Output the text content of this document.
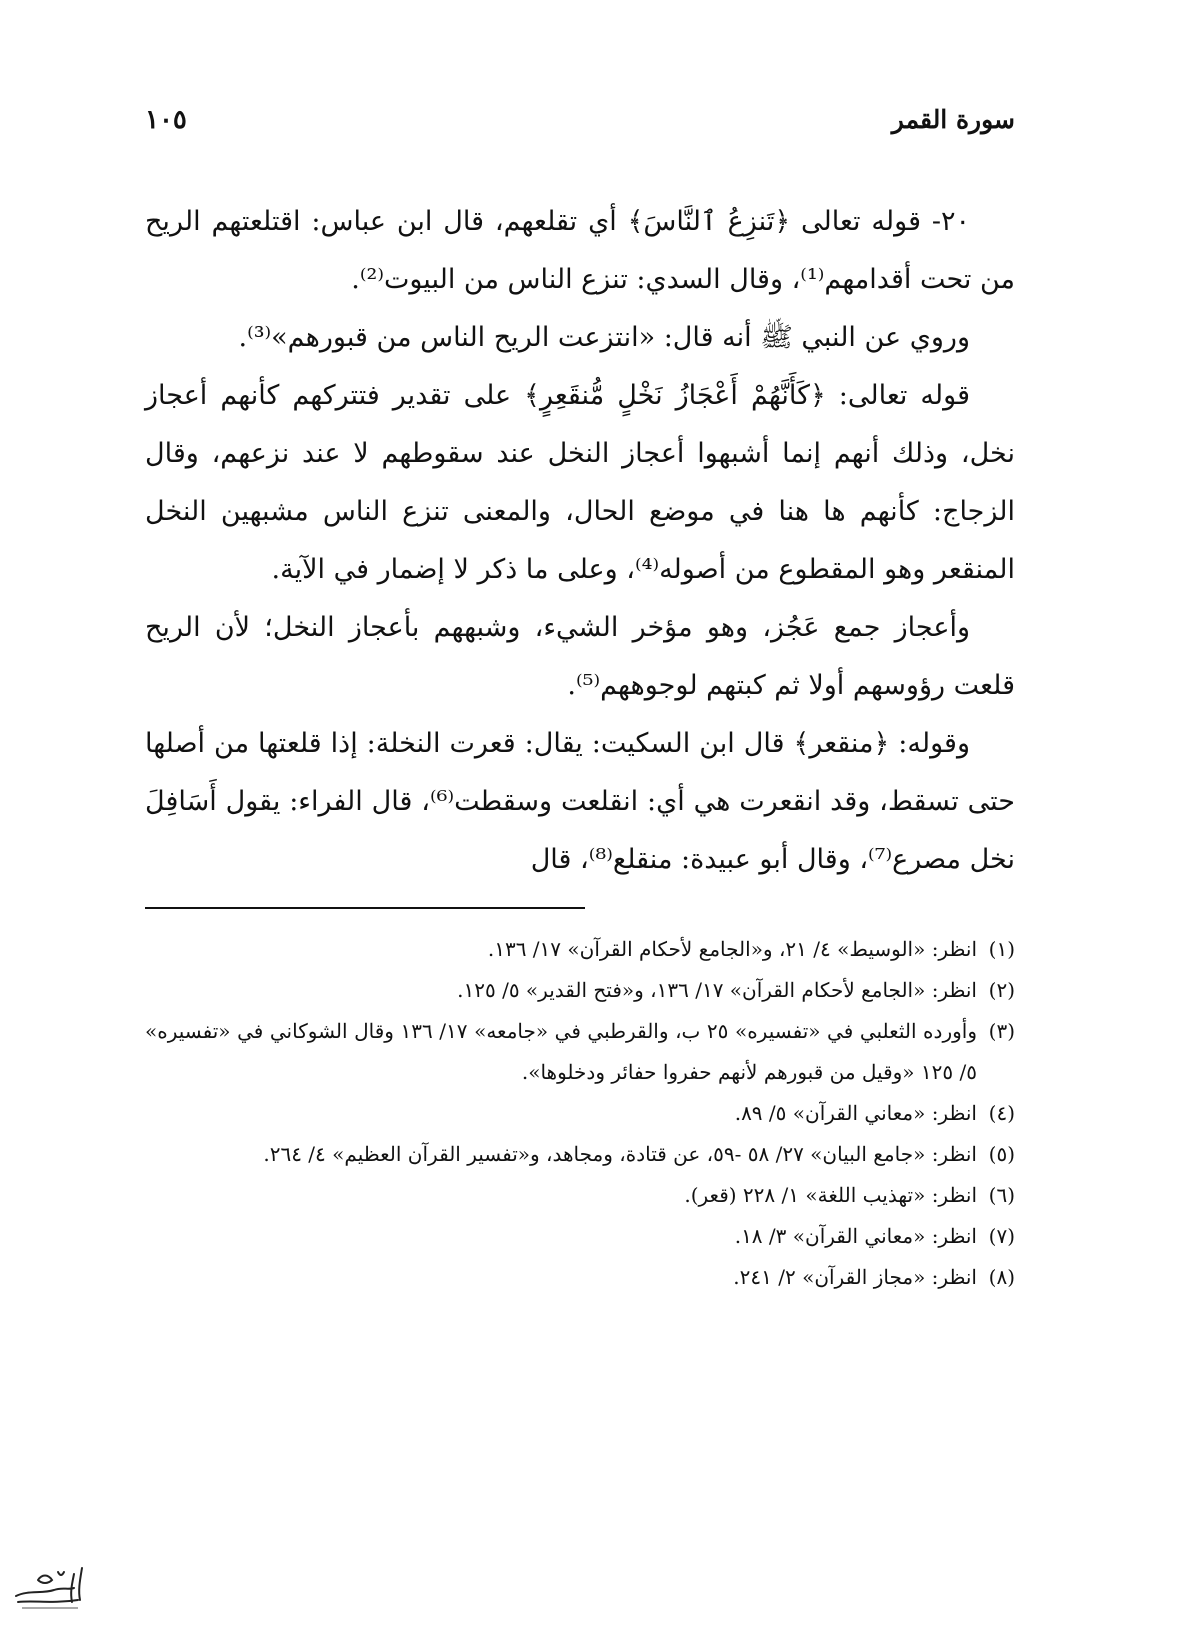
سورة القمر
١٠٥

٢٠- قوله تعالى ﴿تَنزِعُ ٱلنَّاسَ﴾ أي تقلعهم، قال ابن عباس: اقتلعتهم الريح من تحت أقدامهم⁽¹⁾، وقال السدي: تنزع الناس من البيوت⁽²⁾.

وروي عن النبي ﷺ أنه قال: «انتزعت الريح الناس من قبورهم»⁽³⁾.

قوله تعالى: ﴿كَأَنَّهُمْ أَعْجَازُ نَخْلٍ مُّنقَعِرٍ﴾ على تقدير فتتركهم كأنهم أعجاز نخل، وذلك أنهم إنما أشبهوا أعجاز النخل عند سقوطهم لا عند نزعهم، وقال الزجاج: كأنهم ها هنا في موضع الحال، والمعنى تنزع الناس مشبهين النخل المنقعر وهو المقطوع من أصوله⁽⁴⁾، وعلى ما ذكر لا إضمار في الآية.

وأعجاز جمع عَجُز، وهو مؤخر الشيء، وشبههم بأعجاز النخل؛ لأن الريح قلعت رؤوسهم أولا ثم كبتهم لوجوههم⁽⁵⁾.

وقوله: ﴿منقعر﴾ قال ابن السكيت: يقال: قعرت النخلة: إذا قلعتها من أصلها حتى تسقط، وقد انقعرت هي أي: انقلعت وسقطت⁽⁶⁾، قال الفراء: يقول أَسَافِلَ نخل مصرع⁽⁷⁾، وقال أبو عبيدة: منقلع⁽⁸⁾، قال

(١)
انظر: «الوسيط» ٤/ ٢١، و«الجامع لأحكام القرآن» ١٧/ ١٣٦.
(٢)
انظر: «الجامع لأحكام القرآن» ١٧/ ١٣٦، و«فتح القدير» ٥/ ١٢٥.
(٣)
وأورده الثعلبي في «تفسيره» ٢٥ ب، والقرطبي في «جامعه» ١٧/ ١٣٦ وقال الشوكاني في «تفسيره» ٥/ ١٢٥ «وقيل من قبورهم لأنهم حفروا حفائر ودخلوها».
(٤)
انظر: «معاني القرآن» ٥/ ٨٩.
(٥)
انظر: «جامع البيان» ٢٧/ ٥٨ -٥٩، عن قتادة، ومجاهد، و«تفسير القرآن العظيم» ٤/ ٢٦٤.
(٦)
انظر: «تهذيب اللغة» ١/ ٢٢٨ (قعر).
(٧)
انظر: «معاني القرآن» ٣/ ١٨.
(٨)
انظر: «مجاز القرآن» ٢/ ٢٤١.
